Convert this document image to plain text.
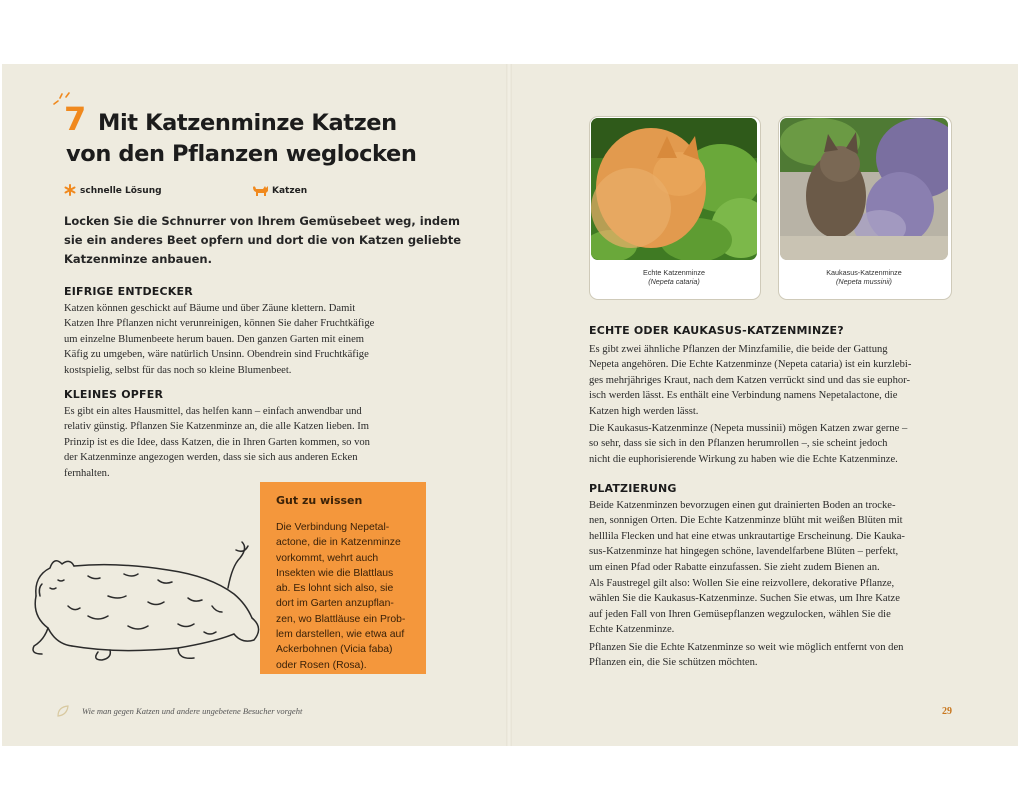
7 Mit Katzenminze Katzen
von den Pflanzen weglocken
schnelle Lösung	Katzen
Locken Sie die Schnurrer von Ihrem Gemüsebeet weg, indem
sie ein anderes Beet opfern und dort die von Katzen geliebte
Katzenminze anbauen.
EIFRIGE ENTDECKER
Katzen können geschickt auf Bäume und über Zäune klettern. Damit
Katzen Ihre Pflanzen nicht verunreinigen, können Sie daher Fruchtkäfige
um einzelne Blumenbeete herum bauen. Den ganzen Garten mit einem
Käfig zu umgeben, wäre natürlich Unsinn. Obendrein sind Fruchtkäfige
kostspielig, selbst für das noch so kleine Blumenbeet.
KLEINES OPFER
Es gibt ein altes Hausmittel, das helfen kann – einfach anwendbar und
relativ günstig. Pflanzen Sie Katzenminze an, die alle Katzen lieben. Im
Prinzip ist es die Idee, dass Katzen, die in Ihren Garten kommen, so von
der Katzenminze angezogen werden, dass sie sich aus anderen Ecken
fernhalten.
Gut zu wissen
Die Verbindung Nepetal-
actone, die in Katzenminze
vorkommt, wehrt auch
Insekten wie die Blattlaus
ab. Es lohnt sich also, sie
dort im Garten anzupflan-
zen, wo Blattläuse ein Prob-
lem darstellen, wie etwa auf
Ackerbohnen (Vicia faba)
oder Rosen (Rosa).
Wie man gegen Katzen und andere ungebetene Besucher vorgeht
Echte Katzenminze
(Nepeta cataria)
Kaukasus-Katzenminze
(Nepeta mussinii)
ECHTE ODER KAUKASUS-KATZENMINZE?
Es gibt zwei ähnliche Pflanzen der Minzfamilie, die beide der Gattung
Nepeta angehören. Die Echte Katzenminze (Nepeta cataria) ist ein kurzlebi-
ges mehrjähriges Kraut, nach dem Katzen verrückt sind und das sie euphor-
isch werden lässt. Es enthält eine Verbindung namens Nepetalactone, die
Katzen high werden lässt.
Die Kaukasus-Katzenminze (Nepeta mussinii) mögen Katzen zwar gerne –
so sehr, dass sie sich in den Pflanzen herumrollen –, sie scheint jedoch
nicht die euphorisierende Wirkung zu haben wie die Echte Katzenminze.
PLATZIERUNG
Beide Katzenminzen bevorzugen einen gut drainierten Boden an trocke-
nen, sonnigen Orten. Die Echte Katzenminze blüht mit weißen Blüten mit
helllila Flecken und hat eine etwas unkrautartige Erscheinung. Die Kauka-
sus-Katzenminze hat hingegen schöne, lavendelfarbene Blüten – perfekt,
um einen Pfad oder Rabatte einzufassen. Sie zieht zudem Bienen an.
Als Faustregel gilt also: Wollen Sie eine reizvollere, dekorative Pflanze,
wählen Sie die Kaukasus-Katzenminze. Suchen Sie etwas, um Ihre Katze
auf jeden Fall von Ihren Gemüsepflanzen wegzulocken, wählen Sie die
Echte Katzenminze.
Pflanzen Sie die Echte Katzenminze so weit wie möglich entfernt von den
Pflanzen ein, die Sie schützen möchten.
29
